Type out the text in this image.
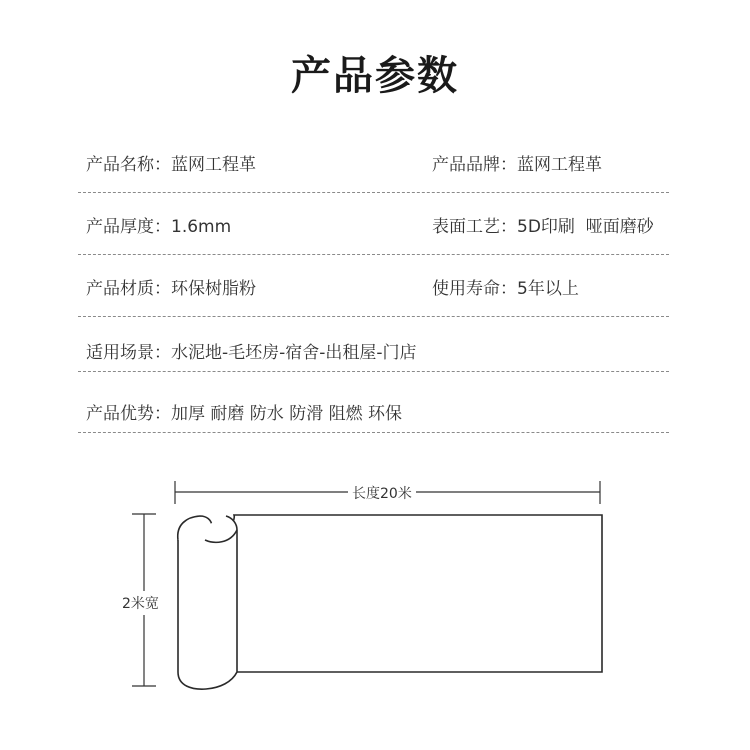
产品参数
产品名称：蓝网工程革	产品品牌：蓝网工程革
产品厚度：1.6mm	表面工艺：5D印刷  哑面磨砂
产品材质：环保树脂粉	使用寿命：5年以上
适用场景：水泥地-毛坯房-宿舍-出租屋-门店
产品优势：加厚 耐磨 防水 防滑 阻燃 环保
长度20米
2米宽
